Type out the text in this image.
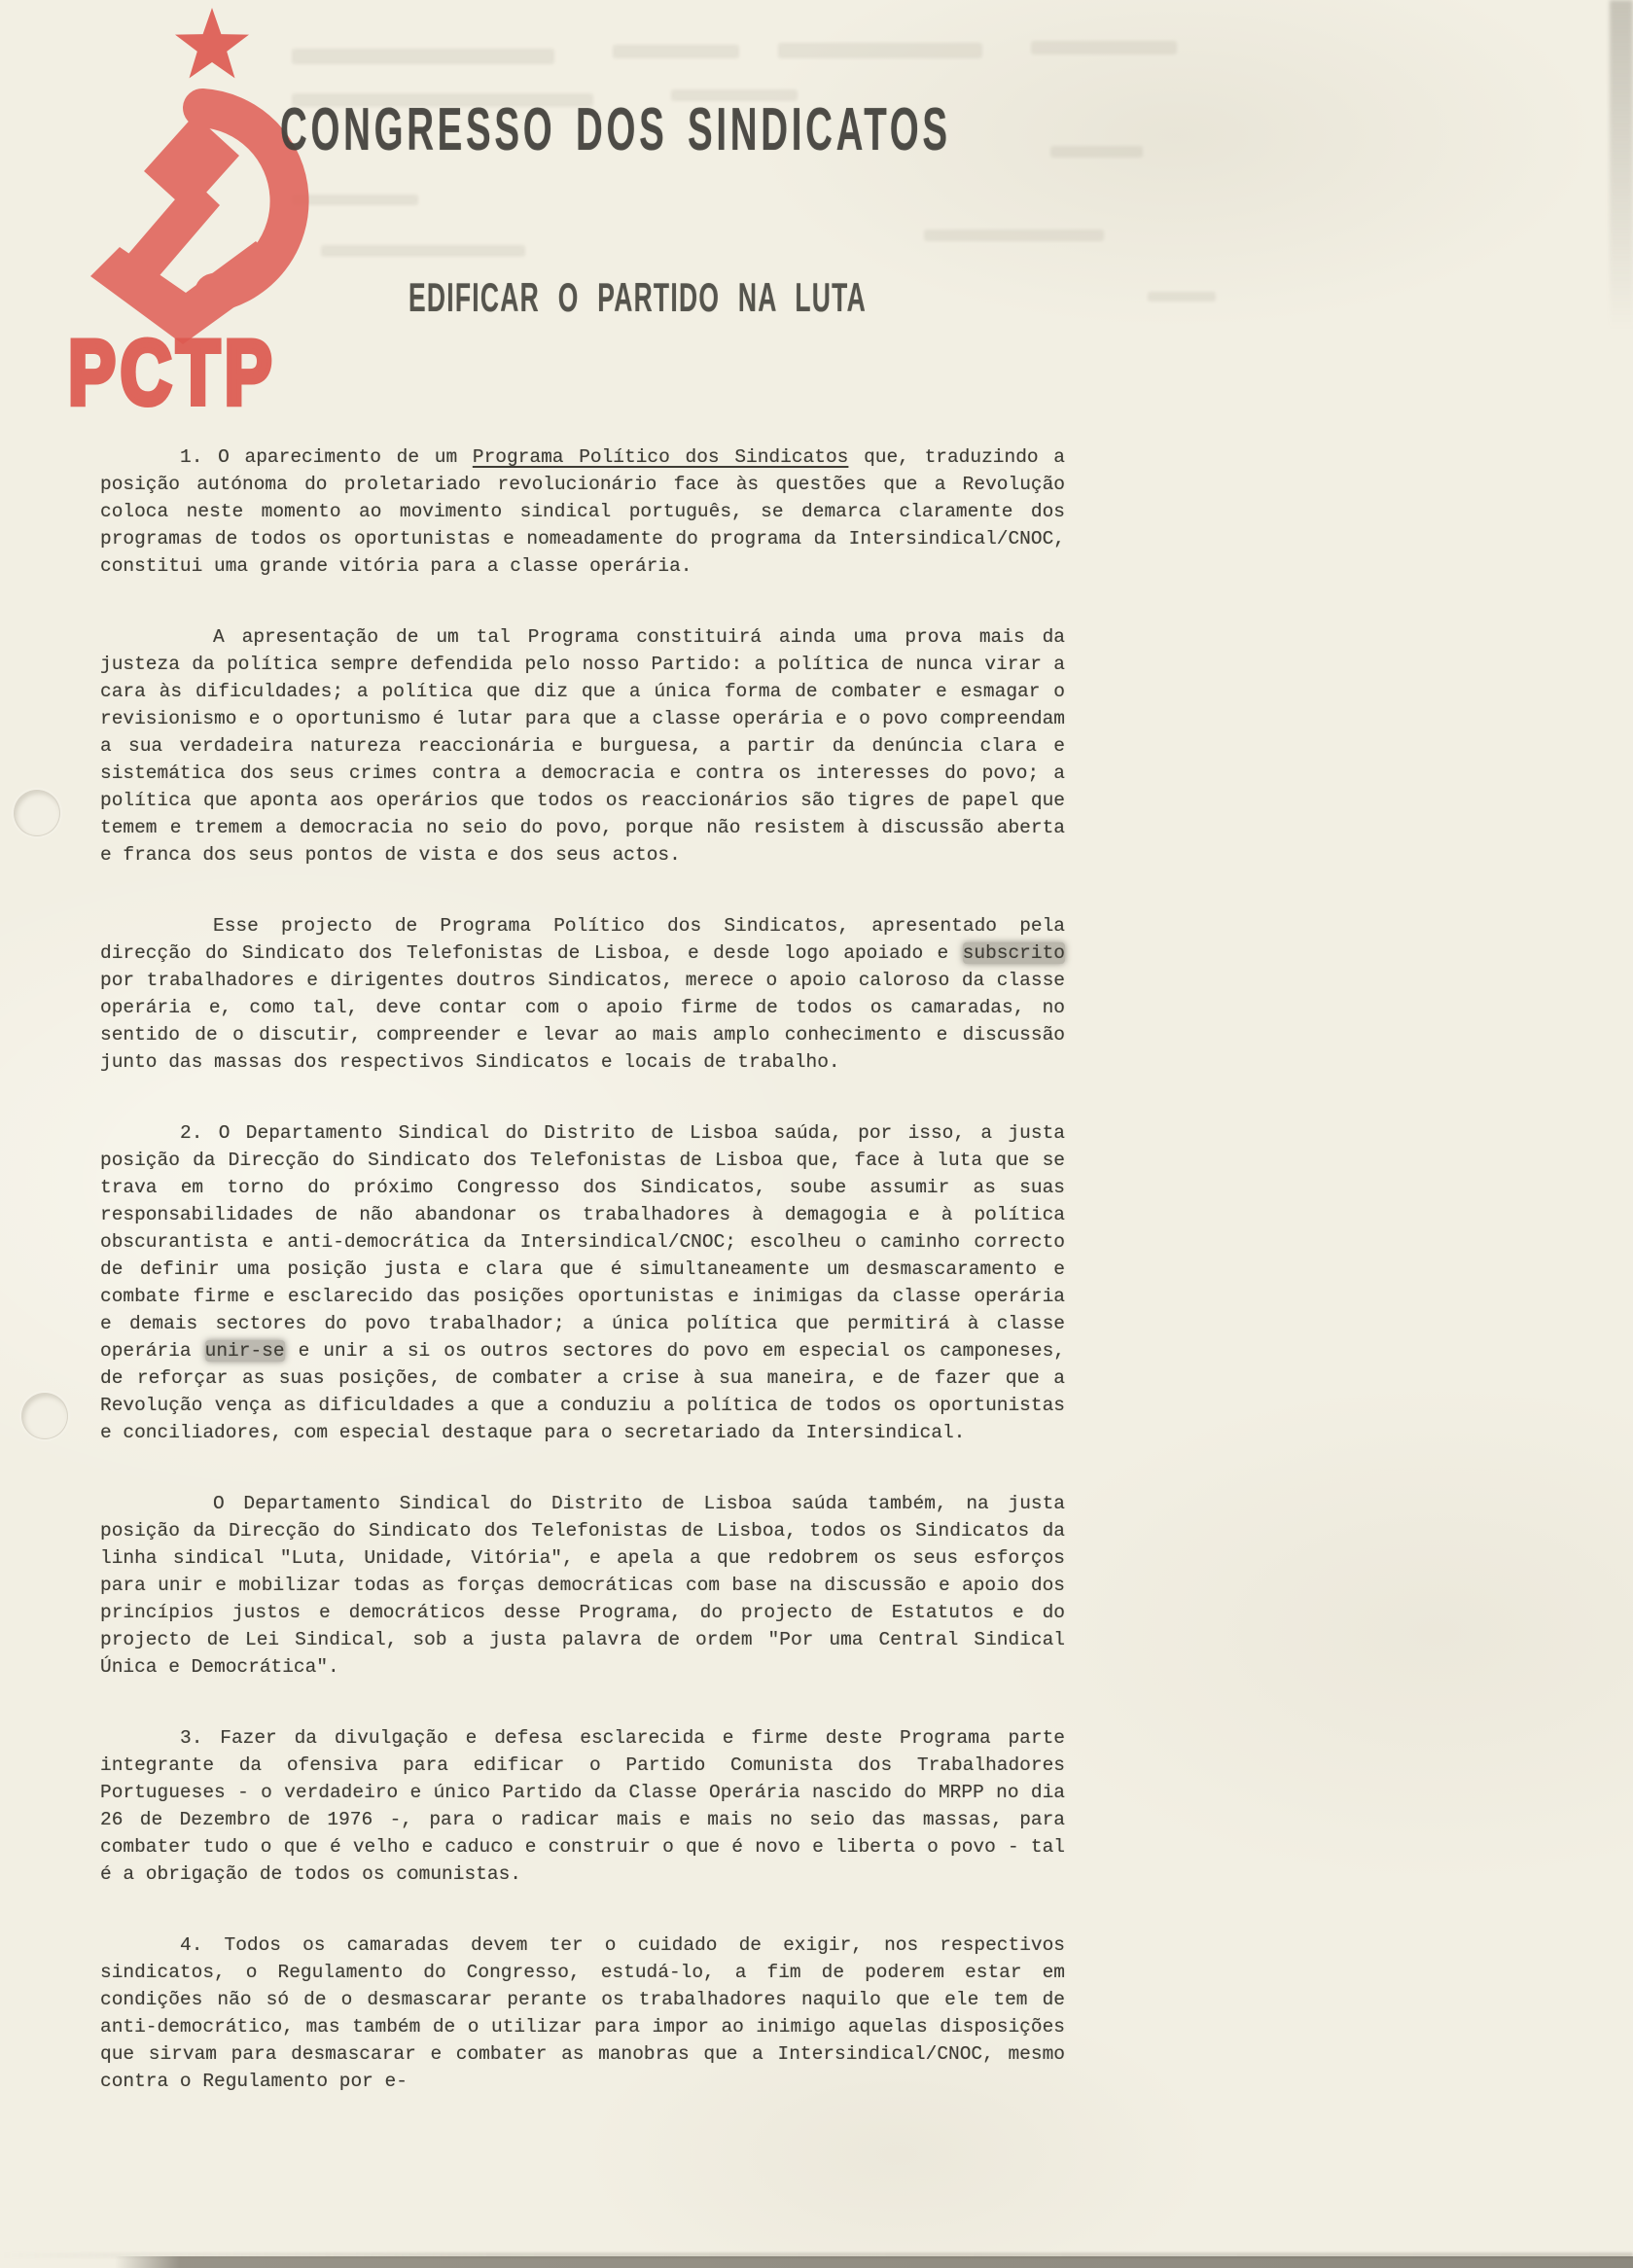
CONGRESSO DOS SINDICATOS
EDIFICAR O PARTIDO NA LUTA
PCTP

1. O aparecimento de um Programa Político dos Sindicatos que, traduzindo a posição autónoma do proletariado revolucionário face às questões que a Revolução coloca neste momento ao movimento sindical português, se demarca claramente dos programas de todos os oportunistas e nomeadamente do programa da Intersindical/CNOC, constitui uma grande vitória para a classe operária.

A apresentação de um tal Programa constituirá ainda uma prova mais da justeza da política sempre defendida pelo nosso Partido: a política de nunca virar a cara às dificuldades; a política que diz que a única forma de combater e esmagar o revisionismo e o oportunismo é lutar para que a classe operária e o povo compreendam a sua verdadeira natureza reaccionária e burguesa, a partir da denúncia clara e sistemática dos seus crimes contra a democracia e contra os interesses do povo; a política que aponta aos operários que todos os reaccionários são tigres de papel que temem e tremem a democracia no seio do povo, porque não resistem à discussão aberta e franca dos seus pontos de vista e dos seus actos.

Esse projecto de Programa Político dos Sindicatos, apresentado pela direcção do Sindicato dos Telefonistas de Lisboa, e desde logo apoiado e subscrito por trabalhadores e dirigentes doutros Sindicatos, merece o apoio caloroso da classe operária e, como tal, deve contar com o apoio firme de todos os camaradas, no sentido de o discutir, compreender e levar ao mais amplo conhecimento e discussão junto das massas dos respectivos Sindicatos e locais de trabalho.

2. O Departamento Sindical do Distrito de Lisboa saúda, por isso, a justa posição da Direcção do Sindicato dos Telefonistas de Lisboa que, face à luta que se trava em torno do próximo Congresso dos Sindicatos, soube assumir as suas responsabilidades de não abandonar os trabalhadores à demagogia e à política obscurantista e anti-democrática da Intersindical/CNOC; escolheu o caminho correcto de definir uma posição justa e clara que é simultaneamente um desmascaramento e combate firme e esclarecido das posições oportunistas e inimigas da classe operária e demais sectores do povo trabalhador; a única política que permitirá à classe operária unir-se e unir a si os outros sectores do povo em especial os camponeses, de reforçar as suas posições, de combater a crise à sua maneira, e de fazer que a Revolução vença as dificuldades a que a conduziu a política de todos os oportunistas e conciliadores, com especial destaque para o secretariado da Intersindical.

O Departamento Sindical do Distrito de Lisboa saúda também, na justa posição da Direcção do Sindicato dos Telefonistas de Lisboa, todos os Sindicatos da linha sindical "Luta, Unidade, Vitória", e apela a que redobrem os seus esforços para unir e mobilizar todas as forças democráticas com base na discussão e apoio dos princípios justos e democráticos desse Programa, do projecto de Estatutos e do projecto de Lei Sindical, sob a justa palavra de ordem "Por uma Central Sindical Única e Democrática".

3. Fazer da divulgação e defesa esclarecida e firme deste Programa parte integrante da ofensiva para edificar o Partido Comunista dos Trabalhadores Portugueses - o verdadeiro e único Partido da Classe Operária nascido do MRPP no dia 26 de Dezembro de 1976 -, para o radicar mais e mais no seio das massas, para combater tudo o que é velho e caduco e construir o que é novo e liberta o povo - tal é a obrigação de todos os comunistas.

4. Todos os camaradas devem ter o cuidado de exigir, nos respectivos sindicatos, o Regulamento do Congresso, estudá-lo, a fim de poderem estar em condições não só de o desmascarar perante os trabalhadores naquilo que ele tem de anti-democrático, mas também de o utilizar para impor ao inimigo aquelas disposições que sirvam para desmascarar e combater as manobras que a Intersindical/CNOC, mesmo contra o Regulamento por e-
